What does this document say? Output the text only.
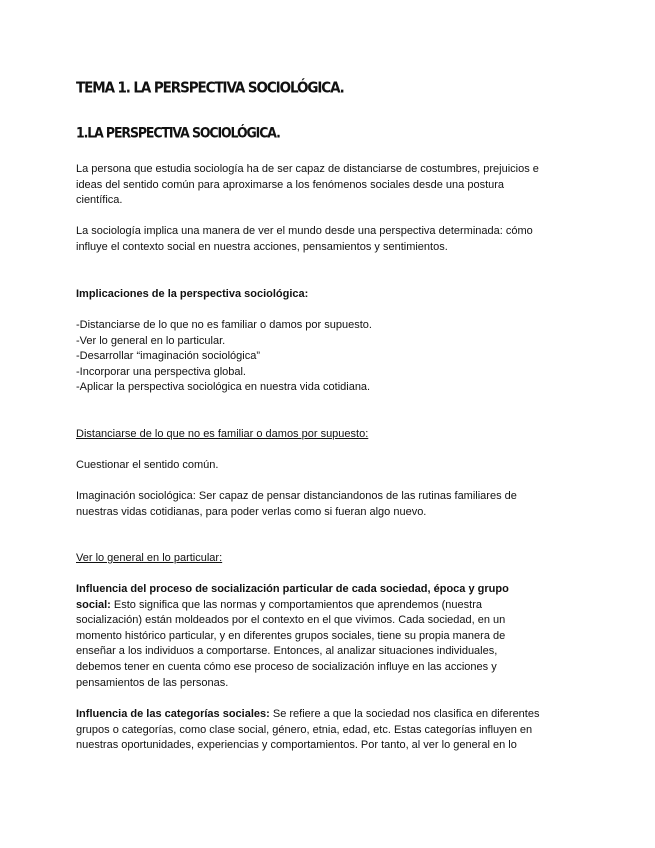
TEMA 1. LA PERSPECTIVA SOCIOLÓGICA.
1.LA PERSPECTIVA SOCIOLÓGICA.

La persona que estudia sociología ha de ser capaz de distanciarse de costumbres, prejuicios e
ideas del sentido común para aproximarse a los fenómenos sociales desde una postura
científica.

La sociología implica una manera de ver el mundo desde una perspectiva determinada: cómo
influye el contexto social en nuestra acciones, pensamientos y sentimientos.

Implicaciones de la perspectiva sociológica:

-Distanciarse de lo que no es familiar o damos por supuesto.
-Ver lo general en lo particular.
-Desarrollar “imaginación sociológica”
-Incorporar una perspectiva global.
-Aplicar la perspectiva sociológica en nuestra vida cotidiana.

Distanciarse de lo que no es familiar o damos por supuesto:

Cuestionar el sentido común.

Imaginación sociológica: Ser capaz de pensar distanciandonos de las rutinas familiares de
nuestras vidas cotidianas, para poder verlas como si fueran algo nuevo.

Ver lo general en lo particular:

Influencia del proceso de socialización particular de cada sociedad, época y grupo
social: Esto significa que las normas y comportamientos que aprendemos (nuestra
socialización) están moldeados por el contexto en el que vivimos. Cada sociedad, en un
momento histórico particular, y en diferentes grupos sociales, tiene su propia manera de
enseñar a los individuos a comportarse. Entonces, al analizar situaciones individuales,
debemos tener en cuenta cómo ese proceso de socialización influye en las acciones y
pensamientos de las personas.

Influencia de las categorías sociales: Se refiere a que la sociedad nos clasifica en diferentes
grupos o categorías, como clase social, género, etnia, edad, etc. Estas categorías influyen en
nuestras oportunidades, experiencias y comportamientos. Por tanto, al ver lo general en lo
